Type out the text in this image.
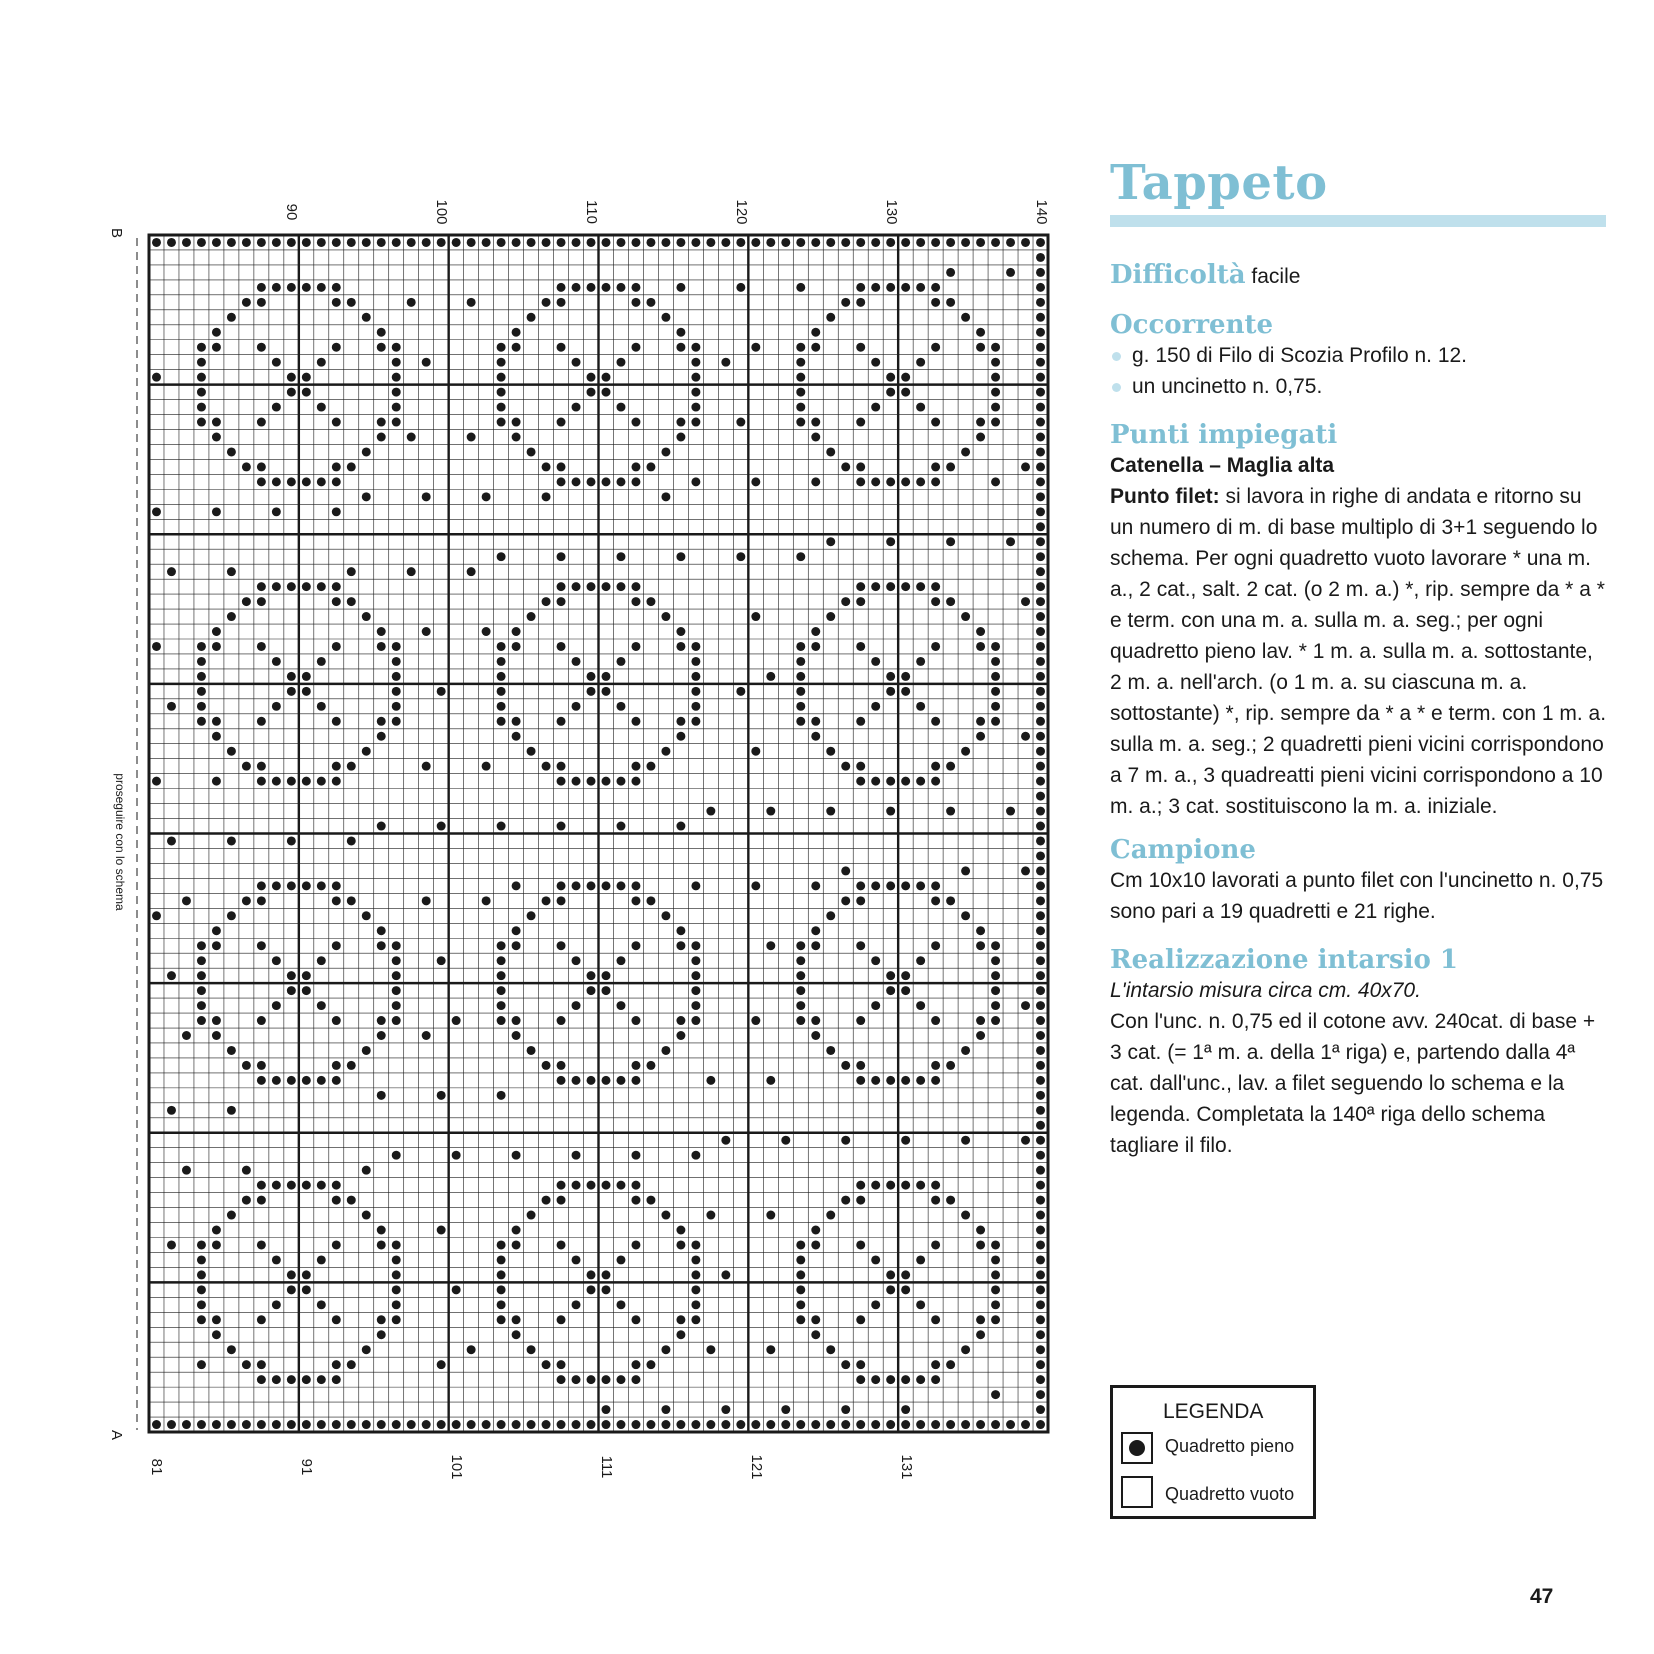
B
A
proseguire con lo schema
90	100	110	120	130	140
81	91	101	111	121	131
Tappeto
Difficoltà facile
Occorrente
g. 150 di Filo di Scozia Profilo n. 12.
un uncinetto n. 0,75.
Punti impiegati
Catenella – Maglia alta
Punto filet: si lavora in righe di andata e ritorno su un numero di m. di base multiplo di 3+1 seguendo lo schema. Per ogni quadretto vuoto lavorare * una m. a., 2 cat., salt. 2 cat. (o 2 m. a.) *, rip. sempre da * a * e term. con una m. a. sulla m. a. seg.; per ogni quadretto pieno lav. * 1 m. a. sulla m. a. sottostante, 2 m. a. nell'arch. (o 1 m. a. su ciascuna m. a. sottostante) *, rip. sempre da * a * e term. con 1 m. a. sulla m. a. seg.; 2 quadretti pieni vicini corrispondono a 7 m. a., 3 quadreatti pieni vicini corrispondono a 10 m. a.; 3 cat. sostituiscono la m. a. iniziale.
Campione
Cm 10x10 lavorati a punto filet con l'uncinetto n. 0,75 sono pari a 19 quadretti e 21 righe.
Realizzazione intarsio 1
L'intarsio misura circa cm. 40x70.
Con l'unc. n. 0,75 ed il cotone avv. 240cat. di base + 3 cat. (= 1ª m. a. della 1ª riga) e, partendo dalla 4ª cat. dall'unc., lav. a filet seguendo lo schema e la legenda. Completata la 140ª riga dello schema tagliare il filo.
LEGENDA
Quadretto pieno
Quadretto vuoto
47
